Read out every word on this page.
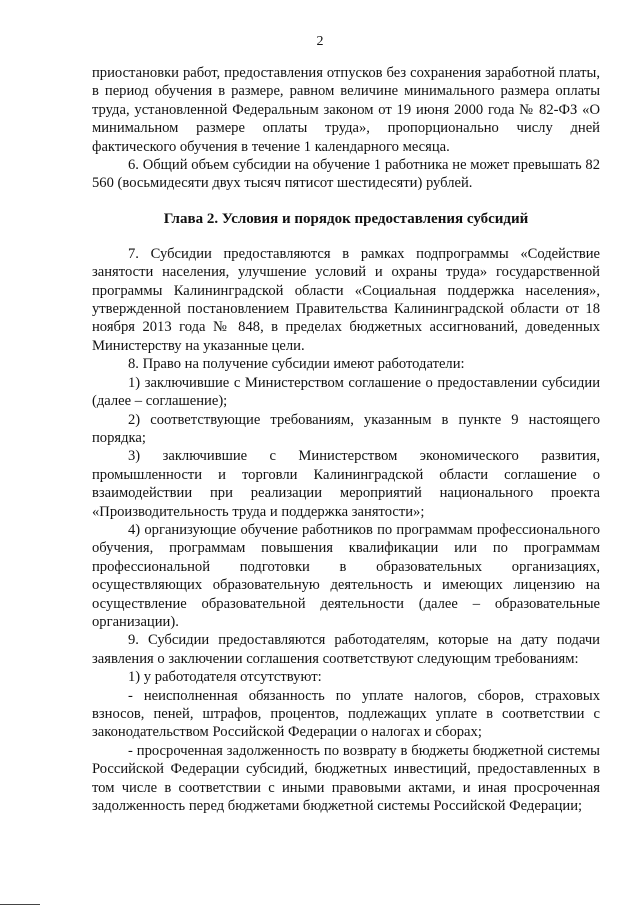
2

приостановки работ, предоставления отпусков без сохранения заработной платы, в период обучения в размере, равном величине минимального размера оплаты труда, установленной Федеральным законом от 19 июня 2000 года № 82-ФЗ «О минимальном размере оплаты труда», пропорционально числу дней фактического обучения в течение 1 календарного месяца.

6. Общий объем субсидии на обучение 1 работника не может превышать 82 560 (восьмидесяти двух тысяч пятисот шестидесяти) рублей.

Глава 2. Условия и порядок предоставления субсидий

7. Субсидии предоставляются в рамках подпрограммы «Содействие занятости населения, улучшение условий и охраны труда» государственной программы Калининградской области «Социальная поддержка населения», утвержденной постановлением Правительства Калининградской области от 18 ноября 2013 года № 848, в пределах бюджетных ассигнований, доведенных Министерству на указанные цели.

8. Право на получение субсидии имеют работодатели:

1) заключившие с Министерством соглашение о предоставлении субсидии (далее – соглашение);

2) соответствующие требованиям, указанным в пункте 9 настоящего порядка;

3) заключившие с Министерством экономического развития, промышленности и торговли Калининградской области соглашение о взаимодействии при реализации мероприятий национального проекта «Производительность труда и поддержка занятости»;

4) организующие обучение работников по программам профессионального обучения, программам повышения квалификации или по программам профессиональной подготовки в образовательных организациях, осуществляющих образовательную деятельность и имеющих лицензию на осуществление образовательной деятельности (далее – образовательные организации).

9. Субсидии предоставляются работодателям, которые на дату подачи заявления о заключении соглашения соответствуют следующим требованиям:

1) у работодателя отсутствуют:

- неисполненная обязанность по уплате налогов, сборов, страховых взносов, пеней, штрафов, процентов, подлежащих уплате в соответствии с законодательством Российской Федерации о налогах и сборах;

- просроченная задолженность по возврату в бюджеты бюджетной системы Российской Федерации субсидий, бюджетных инвестиций, предоставленных в том числе в соответствии с иными правовыми актами, и иная просроченная задолженность перед бюджетами бюджетной системы Российской Федерации;
